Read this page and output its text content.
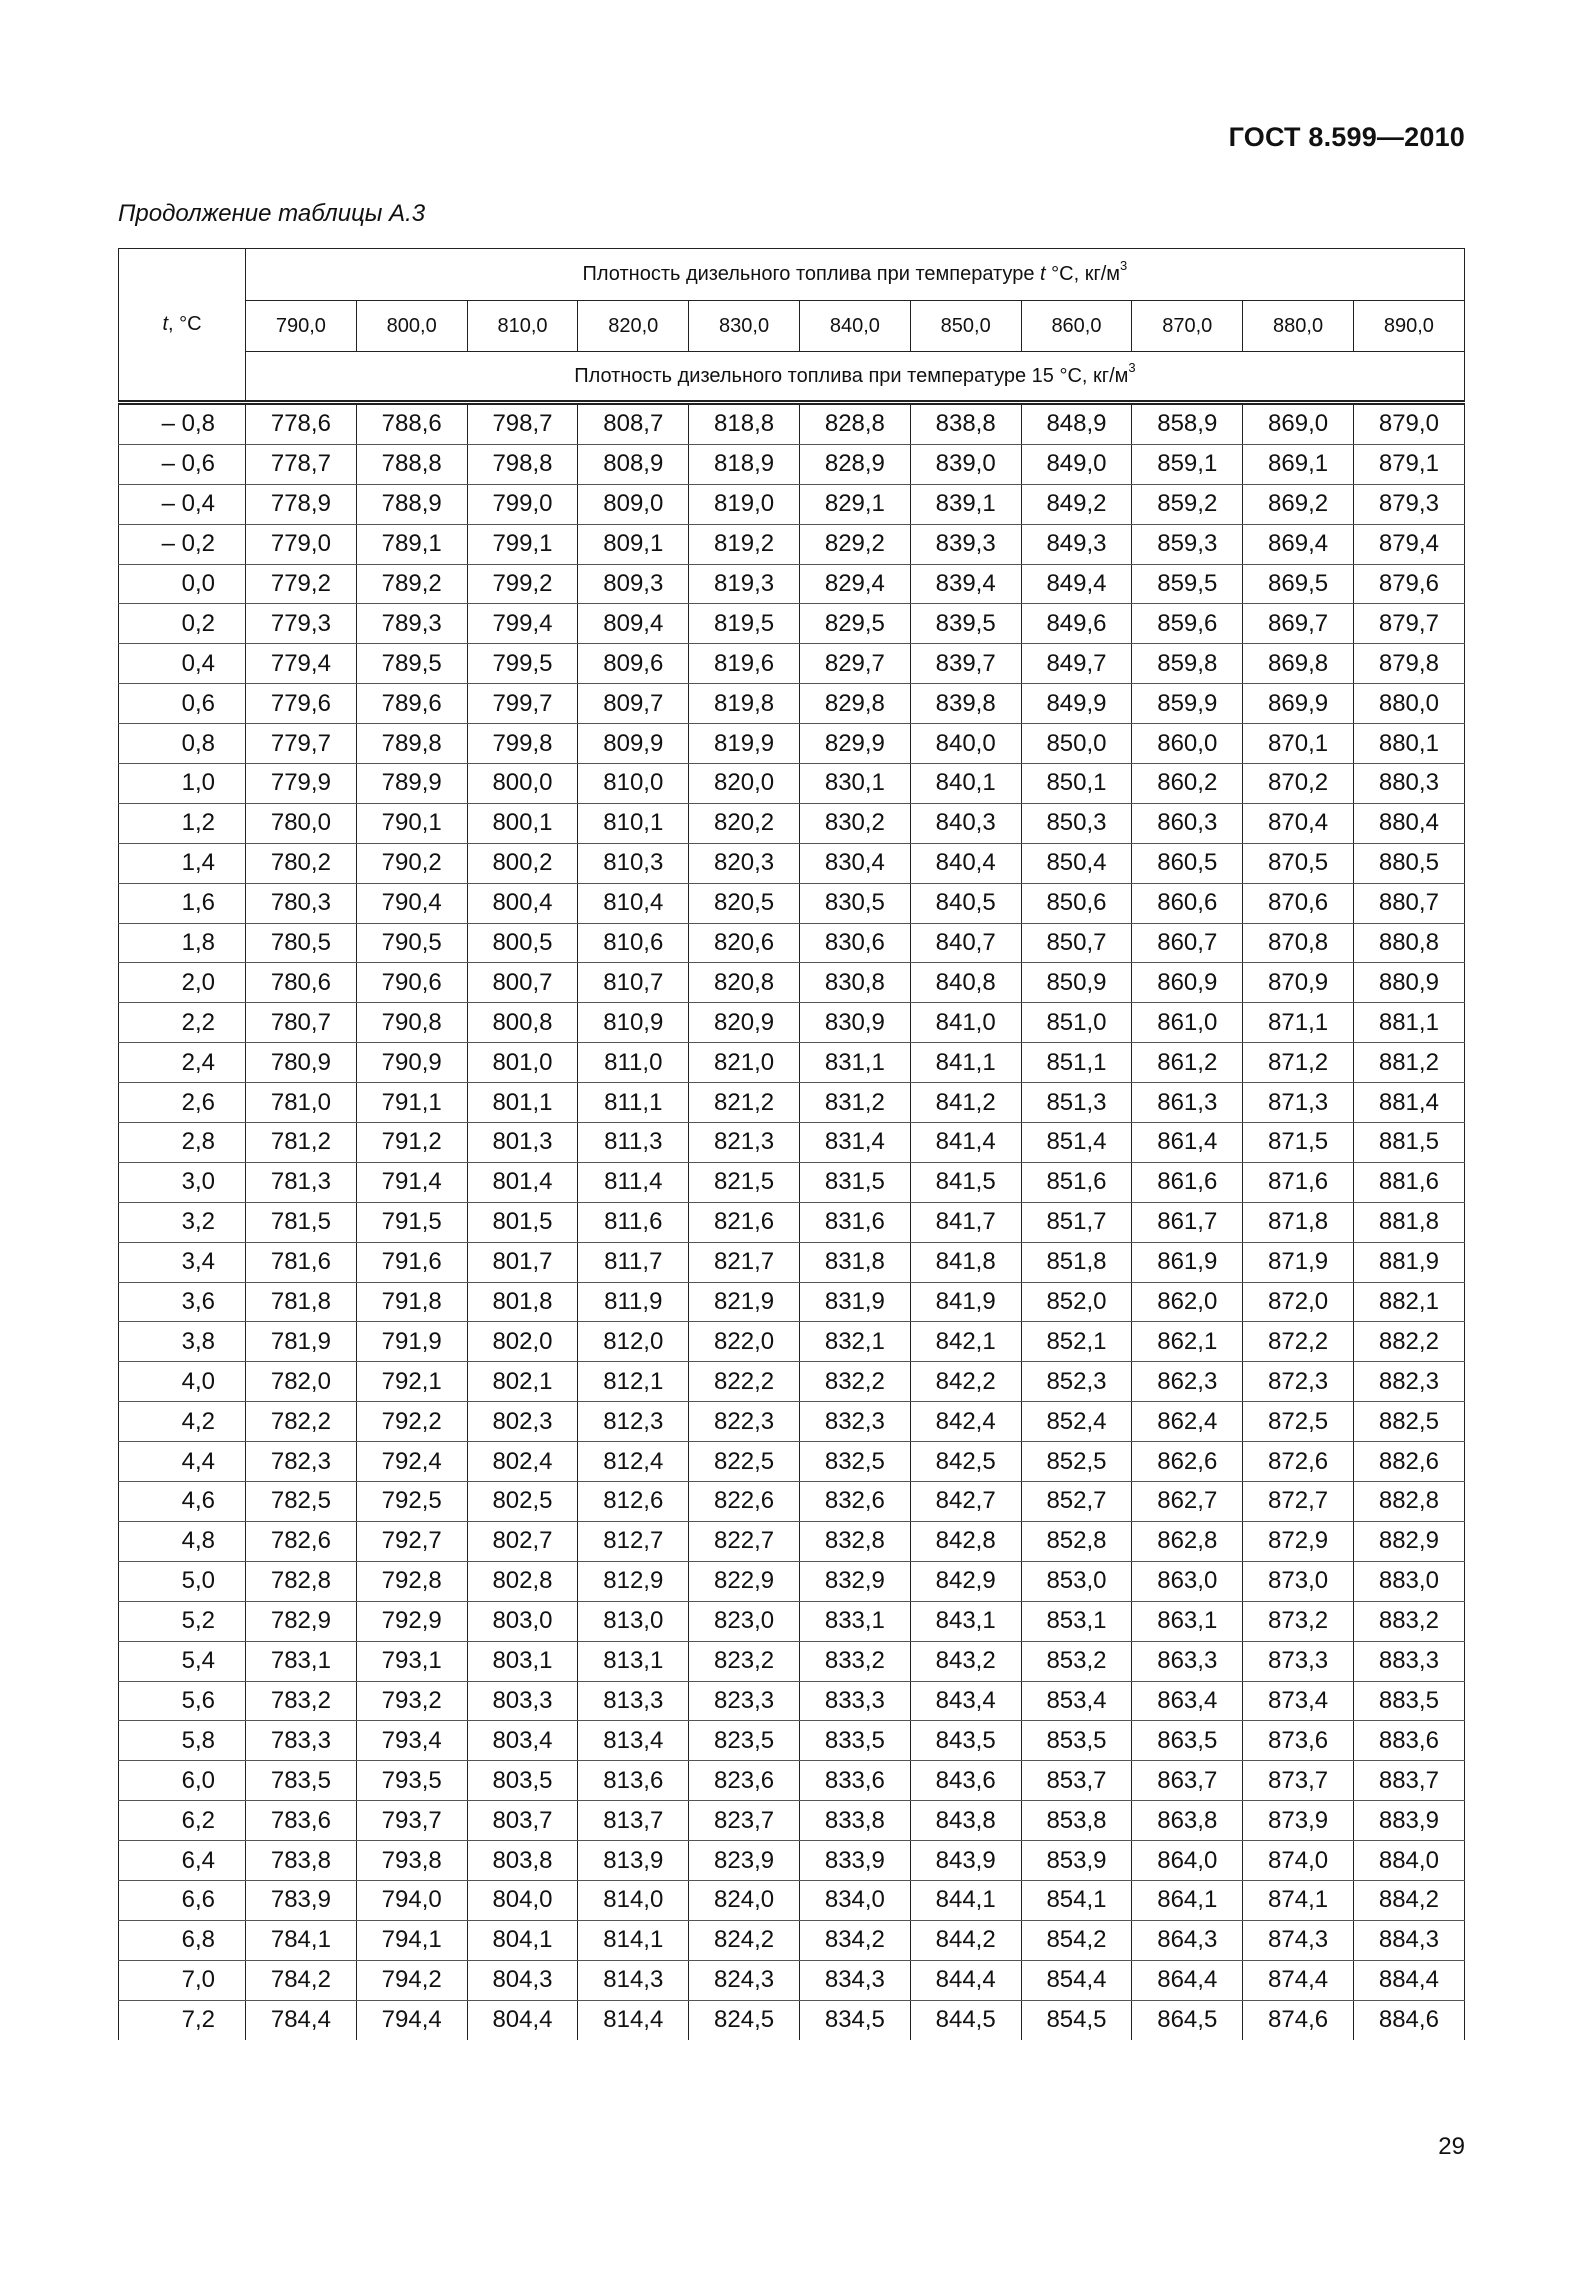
ГОСТ 8.599—2010
Продолжение таблицы А.3
t, °C	Плотность дизельного топлива при температуре t °C, $кг/м^3$
	790,0	800,0	810,0	820,0	830,0	840,0	850,0	860,0	870,0	880,0	890,0
	Плотность дизельного топлива при температуре 15 °C, $кг/м^3$
– 0,8	778,6	788,6	798,7	808,7	818,8	828,8	838,8	848,9	858,9	869,0	879,0
– 0,6	778,7	788,8	798,8	808,9	818,9	828,9	839,0	849,0	859,1	869,1	879,1
– 0,4	778,9	788,9	799,0	809,0	819,0	829,1	839,1	849,2	859,2	869,2	879,3
– 0,2	779,0	789,1	799,1	809,1	819,2	829,2	839,3	849,3	859,3	869,4	879,4
0,0	779,2	789,2	799,2	809,3	819,3	829,4	839,4	849,4	859,5	869,5	879,6
0,2	779,3	789,3	799,4	809,4	819,5	829,5	839,5	849,6	859,6	869,7	879,7
0,4	779,4	789,5	799,5	809,6	819,6	829,7	839,7	849,7	859,8	869,8	879,8
0,6	779,6	789,6	799,7	809,7	819,8	829,8	839,8	849,9	859,9	869,9	880,0
0,8	779,7	789,8	799,8	809,9	819,9	829,9	840,0	850,0	860,0	870,1	880,1
1,0	779,9	789,9	800,0	810,0	820,0	830,1	840,1	850,1	860,2	870,2	880,3
1,2	780,0	790,1	800,1	810,1	820,2	830,2	840,3	850,3	860,3	870,4	880,4
1,4	780,2	790,2	800,2	810,3	820,3	830,4	840,4	850,4	860,5	870,5	880,5
1,6	780,3	790,4	800,4	810,4	820,5	830,5	840,5	850,6	860,6	870,6	880,7
1,8	780,5	790,5	800,5	810,6	820,6	830,6	840,7	850,7	860,7	870,8	880,8
2,0	780,6	790,6	800,7	810,7	820,8	830,8	840,8	850,9	860,9	870,9	880,9
2,2	780,7	790,8	800,8	810,9	820,9	830,9	841,0	851,0	861,0	871,1	881,1
2,4	780,9	790,9	801,0	811,0	821,0	831,1	841,1	851,1	861,2	871,2	881,2
2,6	781,0	791,1	801,1	811,1	821,2	831,2	841,2	851,3	861,3	871,3	881,4
2,8	781,2	791,2	801,3	811,3	821,3	831,4	841,4	851,4	861,4	871,5	881,5
3,0	781,3	791,4	801,4	811,4	821,5	831,5	841,5	851,6	861,6	871,6	881,6
3,2	781,5	791,5	801,5	811,6	821,6	831,6	841,7	851,7	861,7	871,8	881,8
3,4	781,6	791,6	801,7	811,7	821,7	831,8	841,8	851,8	861,9	871,9	881,9
3,6	781,8	791,8	801,8	811,9	821,9	831,9	841,9	852,0	862,0	872,0	882,1
3,8	781,9	791,9	802,0	812,0	822,0	832,1	842,1	852,1	862,1	872,2	882,2
4,0	782,0	792,1	802,1	812,1	822,2	832,2	842,2	852,3	862,3	872,3	882,3
4,2	782,2	792,2	802,3	812,3	822,3	832,3	842,4	852,4	862,4	872,5	882,5
4,4	782,3	792,4	802,4	812,4	822,5	832,5	842,5	852,5	862,6	872,6	882,6
4,6	782,5	792,5	802,5	812,6	822,6	832,6	842,7	852,7	862,7	872,7	882,8
4,8	782,6	792,7	802,7	812,7	822,7	832,8	842,8	852,8	862,8	872,9	882,9
5,0	782,8	792,8	802,8	812,9	822,9	832,9	842,9	853,0	863,0	873,0	883,0
5,2	782,9	792,9	803,0	813,0	823,0	833,1	843,1	853,1	863,1	873,2	883,2
5,4	783,1	793,1	803,1	813,1	823,2	833,2	843,2	853,2	863,3	873,3	883,3
5,6	783,2	793,2	803,3	813,3	823,3	833,3	843,4	853,4	863,4	873,4	883,5
5,8	783,3	793,4	803,4	813,4	823,5	833,5	843,5	853,5	863,5	873,6	883,6
6,0	783,5	793,5	803,5	813,6	823,6	833,6	843,6	853,7	863,7	873,7	883,7
6,2	783,6	793,7	803,7	813,7	823,7	833,8	843,8	853,8	863,8	873,9	883,9
6,4	783,8	793,8	803,8	813,9	823,9	833,9	843,9	853,9	864,0	874,0	884,0
6,6	783,9	794,0	804,0	814,0	824,0	834,0	844,1	854,1	864,1	874,1	884,2
6,8	784,1	794,1	804,1	814,1	824,2	834,2	844,2	854,2	864,3	874,3	884,3
7,0	784,2	794,2	804,3	814,3	824,3	834,3	844,4	854,4	864,4	874,4	884,4
7,2	784,4	794,4	804,4	814,4	824,5	834,5	844,5	854,5	864,5	874,6	884,6
29
